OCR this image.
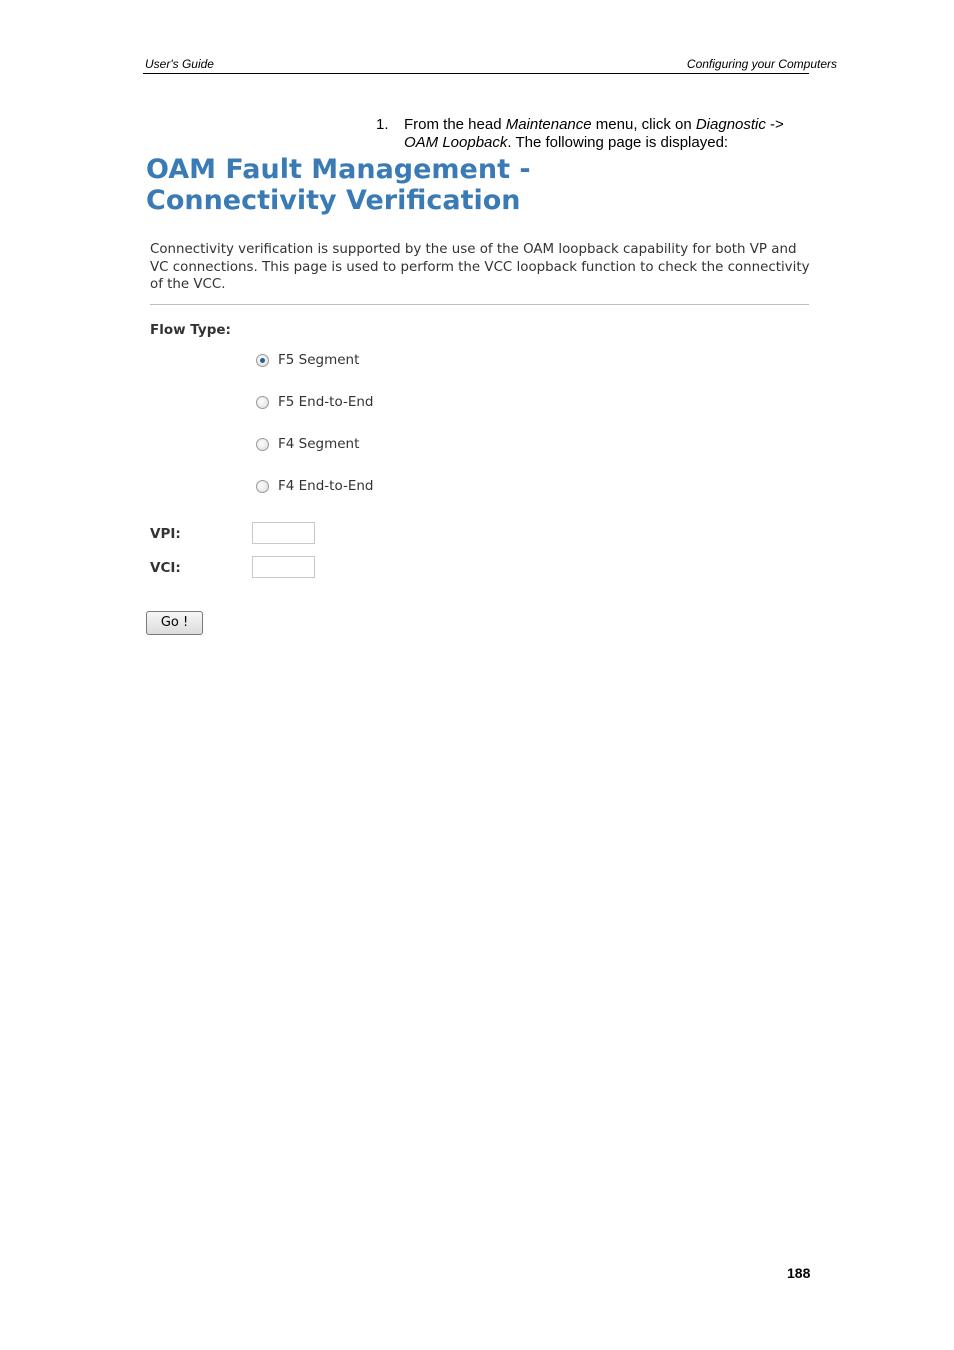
User's Guide	Configuring your Computers
1. From the head Maintenance menu, click on Diagnostic ->
OAM Loopback. The following page is displayed:
OAM Fault Management -
Connectivity Verification
Connectivity verification is supported by the use of the OAM loopback capability for both VP and VC connections. This page is used to perform the VCC loopback function to check the connectivity of the VCC.
Flow Type:
F5 Segment
F5 End-to-End
F4 Segment
F4 End-to-End
VPI:
VCI:
Go !
188
